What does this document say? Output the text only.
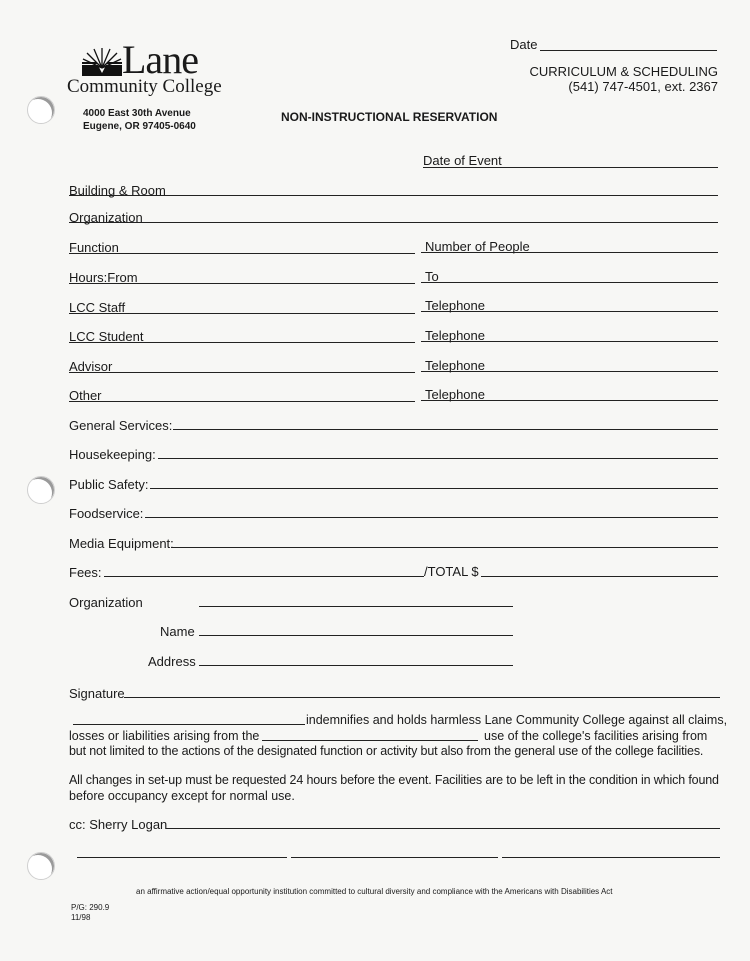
Lane
Community College
4000 East 30th Avenue
Eugene, OR 97405-0640
Date
CURRICULUM & SCHEDULING
(541) 747-4501, ext. 2367
NON-INSTRUCTIONAL RESERVATION
Date of Event
Building & Room
Organization
Function	Number of People
Hours:From	To
LCC Staff	Telephone
LCC Student	Telephone
Advisor	Telephone
Other	Telephone
General Services:
Housekeeping:
Public Safety:
Foodservice:
Media Equipment:
Fees:	/TOTAL $
Organization
Name
Address
Signature
indemnifies and holds harmless Lane Community College against all claims,
losses or liabilities arising from the	use of the college's facilities arising from
but not limited to the actions of the designated function or activity but also from the general use of the college facilities.
All changes in set-up must be requested 24 hours before the event. Facilities are to be left in the condition in which found
before occupancy except for normal use.
cc: Sherry Logan
an affirmative action/equal opportunity institution committed to cultural diversity and compliance with the Americans with Disabilities Act
P/G: 290.9
11/98
